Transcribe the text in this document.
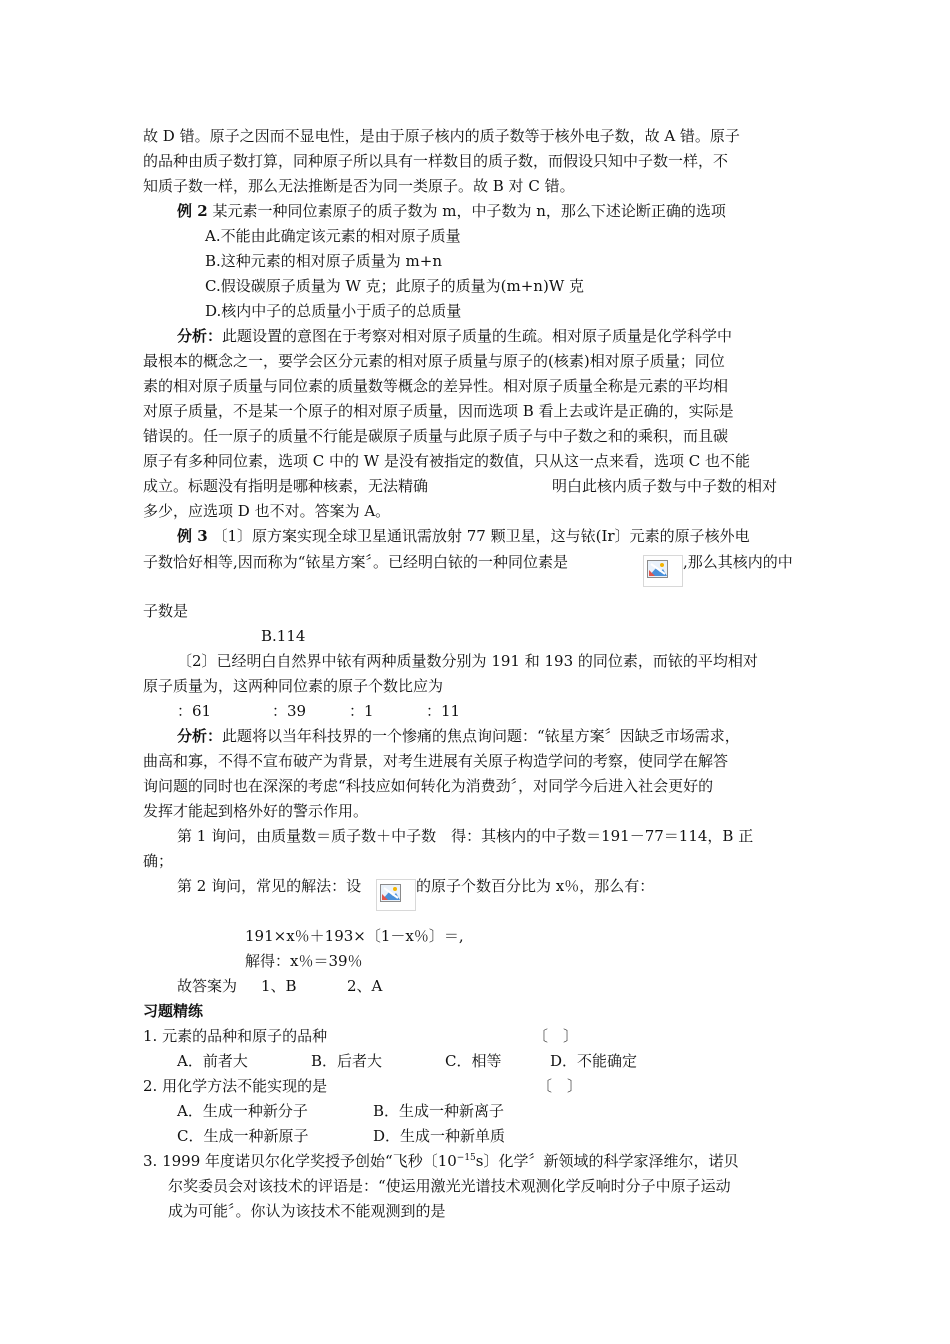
故 D 错。原子之因而不显电性，是由于原子核内的质子数等于核外电子数，故 A 错。原子
的品种由质子数打算，同种原子所以具有一样数目的质子数，而假设只知中子数一样，不
知质子数一样，那么无法推断是否为同一类原子。故 B 对 C 错。
例 2 某元素一种同位素原子的质子数为 m，中子数为 n，那么下述论断正确的选项
A.不能由此确定该元素的相对原子质量
B.这种元素的相对原子质量为 m+n
C.假设碳原子质量为 W 克；此原子的质量为(m+n)W 克
D.核内中子的总质量小于质子的总质量
分析：此题设置的意图在于考察对相对原子质量的生疏。相对原子质量是化学科学中
最根本的概念之一，要学会区分元素的相对原子质量与原子的(核素)相对原子质量；同位
素的相对原子质量与同位素的质量数等概念的差异性。相对原子质量全称是元素的平均相
对原子质量，不是某一个原子的相对原子质量，因而选项 B 看上去或许是正确的，实际是
错误的。任一原子的质量不行能是碳原子质量与此原子质子与中子数之和的乘积，而且碳
原子有多种同位素，选项 C 中的 W 是没有被指定的数值，只从这一点来看，选项 C 也不能
成立。标题没有指明是哪种核素，无法精确	明白此核内质子数与中子数的相对
多少，应选项 D 也不对。答案为 A。
例 3 〔1〕原方案实现全球卫星通讯需放射 77 颗卫星，这与铱(Ir〕元素的原子核外电
子数恰好相等,因而称为“铱星方案〞。已经明白铱的一种同位素是	,那么其核内的中
子数是
B.114
〔2〕已经明白自然界中铱有两种质量数分别为 191 和 193 的同位素，而铱的平均相对
原子质量为，这两种同位素的原子个数比应为
：61	：39	：1	：11
分析：此题将以当年科技界的一个惨痛的焦点询问题：“铱星方案〞因缺乏市场需求，
曲高和寡，不得不宣布破产为背景，对考生进展有关原子构造学问的考察，使同学在解答
询问题的同时也在深深的考虑“科技应如何转化为消费劲〞，对同学今后进入社会更好的
发挥才能起到格外好的警示作用。
第 1 询问，由质量数＝质子数＋中子数　得：其核内的中子数＝191－77＝114，B 正
确；
第 2 询问，常见的解法：设	的原子个数百分比为 x％，那么有：
191×x％＋193×〔1－x％〕＝,
解得：x％＝39％
故答案为 1、B	2、A
习题精练
1. 元素的品种和原子的品种	〔　〕
A．前者大	B．后者大	C．相等	D．不能确定
2. 用化学方法不能实现的是	〔　〕
A．生成一种新分子	B．生成一种新离子
C．生成一种新原子	D．生成一种新单质
3. 1999 年度诺贝尔化学奖授予创始“飞秒〔$10^{-15}s$〕化学〞新领域的科学家泽维尔，诺贝
尔奖委员会对该技术的评语是：“使运用激光光谱技术观测化学反响时分子中原子运动
成为可能〞。你认为该技术不能观测到的是
